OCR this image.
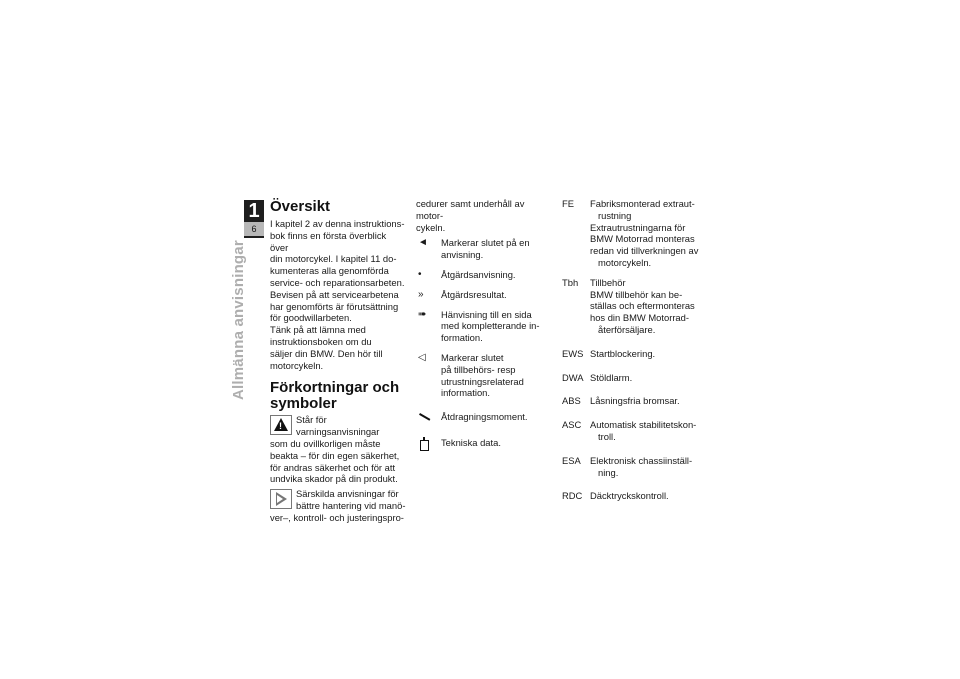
1
6
Allmänna anvisningar
Översikt

I kapitel 2 av denna instruktions-

bok finns en första överblick över

din motorcykel. I kapitel 11 do-

kumenteras alla genomförda

service- och reparationsarbeten.

Bevisen på att servicearbetena

har genomförts är förutsättning

för goodwillarbeten.

Tänk på att lämna med

instruktionsboken om du

säljer din BMW. Den hör till

motorcykeln.

Förkortningar och symboler
!

Står för varningsanvisningar

som du ovillkorligen måste

beakta – för din egen säkerhet,

för andras säkerhet och för att

undvika skador på din produkt.

Särskilda anvisningar för

bättre hantering vid manö-

ver–, kontroll- och justeringspro-

cedurer samt underhåll av motor-

cykeln.

◄	Markerar slutet på en

anvisning.

•	Åtgärdsanvisning.

»	Åtgärdsresultat.

➠	Hänvisning till en sida

med kompletterande in-

formation.

◁	Markerar slutet

på tillbehörs- resp

utrustningsrelaterad

information.

Åtdragningsmoment.

Tekniska data.

FE Fabriksmonterad extraut-

rustning

Extrautrustningarna för

BMW Motorrad monteras

redan vid tillverkningen av

motorcykeln.

Tbh Tillbehör

BMW tillbehör kan be-

ställas och eftermonteras

hos din BMW Motorrad-

återförsäljare.

EWS Startblockering.

DWA Stöldlarm.

ABS Låsningsfria bromsar.

ASC Automatisk stabilitetskon-

troll.

ESA Elektronisk chassiinställ-

ning.

RDC Däcktryckskontroll.
